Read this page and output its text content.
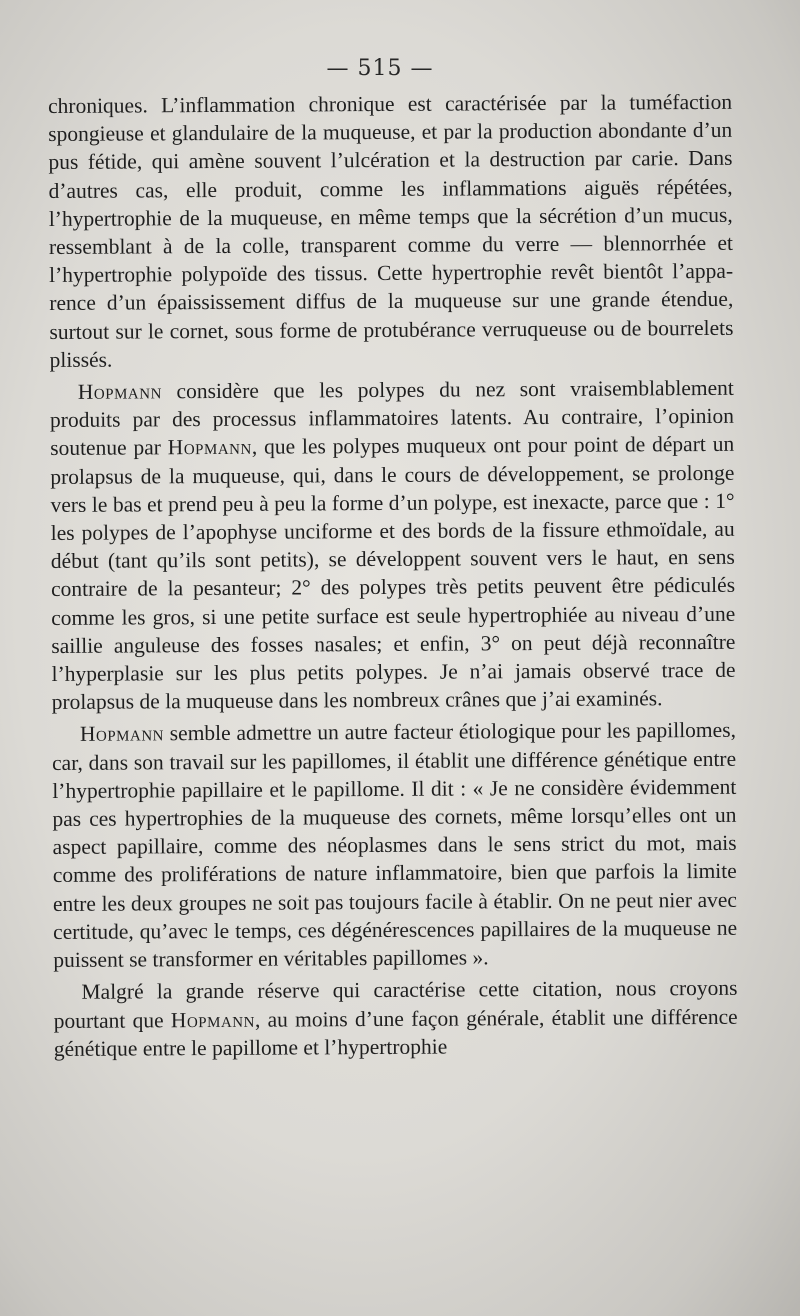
— 515 —

chroniques. L’inflammation chronique est caractérisée par la tuméfaction spongieuse et glandulaire de la muqueuse, et par la production abondante d’un pus fétide, qui amène souvent l’ulcération et la destruction par carie. Dans d’autres cas, elle produit, comme les inflammations aiguës répétées, l’hypertrophie de la muqueuse, en même temps que la sécrétion d’un mucus, ressemblant à de la colle, transparent comme du verre — blennorrhée et l’hypertrophie polypoïde des tissus. Cette hypertrophie revêt bientôt l’apparence d’un épaississement diffus de la muqueuse sur une grande étendue, surtout sur le cornet, sous forme de protubérance verruqueuse ou de bourrelets plissés.

Hopmann considère que les polypes du nez sont vraisemblablement produits par des processus inflammatoires latents. Au contraire, l’opinion soutenue par Hopmann, que les polypes muqueux ont pour point de départ un prolapsus de la muqueuse, qui, dans le cours de développement, se prolonge vers le bas et prend peu à peu la forme d’un polype, est inexacte, parce que : 1° les polypes de l’apophyse unciforme et des bords de la fissure ethmoïdale, au début (tant qu’ils sont petits), se développent souvent vers le haut, en sens contraire de la pesanteur; 2° des polypes très petits peuvent être pédiculés comme les gros, si une petite surface est seule hypertrophiée au niveau d’une saillie anguleuse des fosses nasales; et enfin, 3° on peut déjà reconnaître l’hyperplasie sur les plus petits polypes. Je n’ai jamais observé trace de prolapsus de la muqueuse dans les nombreux crânes que j’ai examinés.

Hopmann semble admettre un autre facteur étiologique pour les papillomes, car, dans son travail sur les papillomes, il établit une différence génétique entre l’hypertrophie papillaire et le papillome. Il dit : « Je ne considère évidemment pas ces hypertrophies de la muqueuse des cornets, même lorsqu’elles ont un aspect papillaire, comme des néoplasmes dans le sens strict du mot, mais comme des proliférations de nature inflammatoire, bien que parfois la limite entre les deux groupes ne soit pas toujours facile à établir. On ne peut nier avec certitude, qu’avec le temps, ces dégénérescences papillaires de la muqueuse ne puissent se transformer en véritables papillomes ».

Malgré la grande réserve qui caractérise cette citation, nous croyons pourtant que Hopmann, au moins d’une façon générale, établit une différence génétique entre le papillome et l’hypertrophie
